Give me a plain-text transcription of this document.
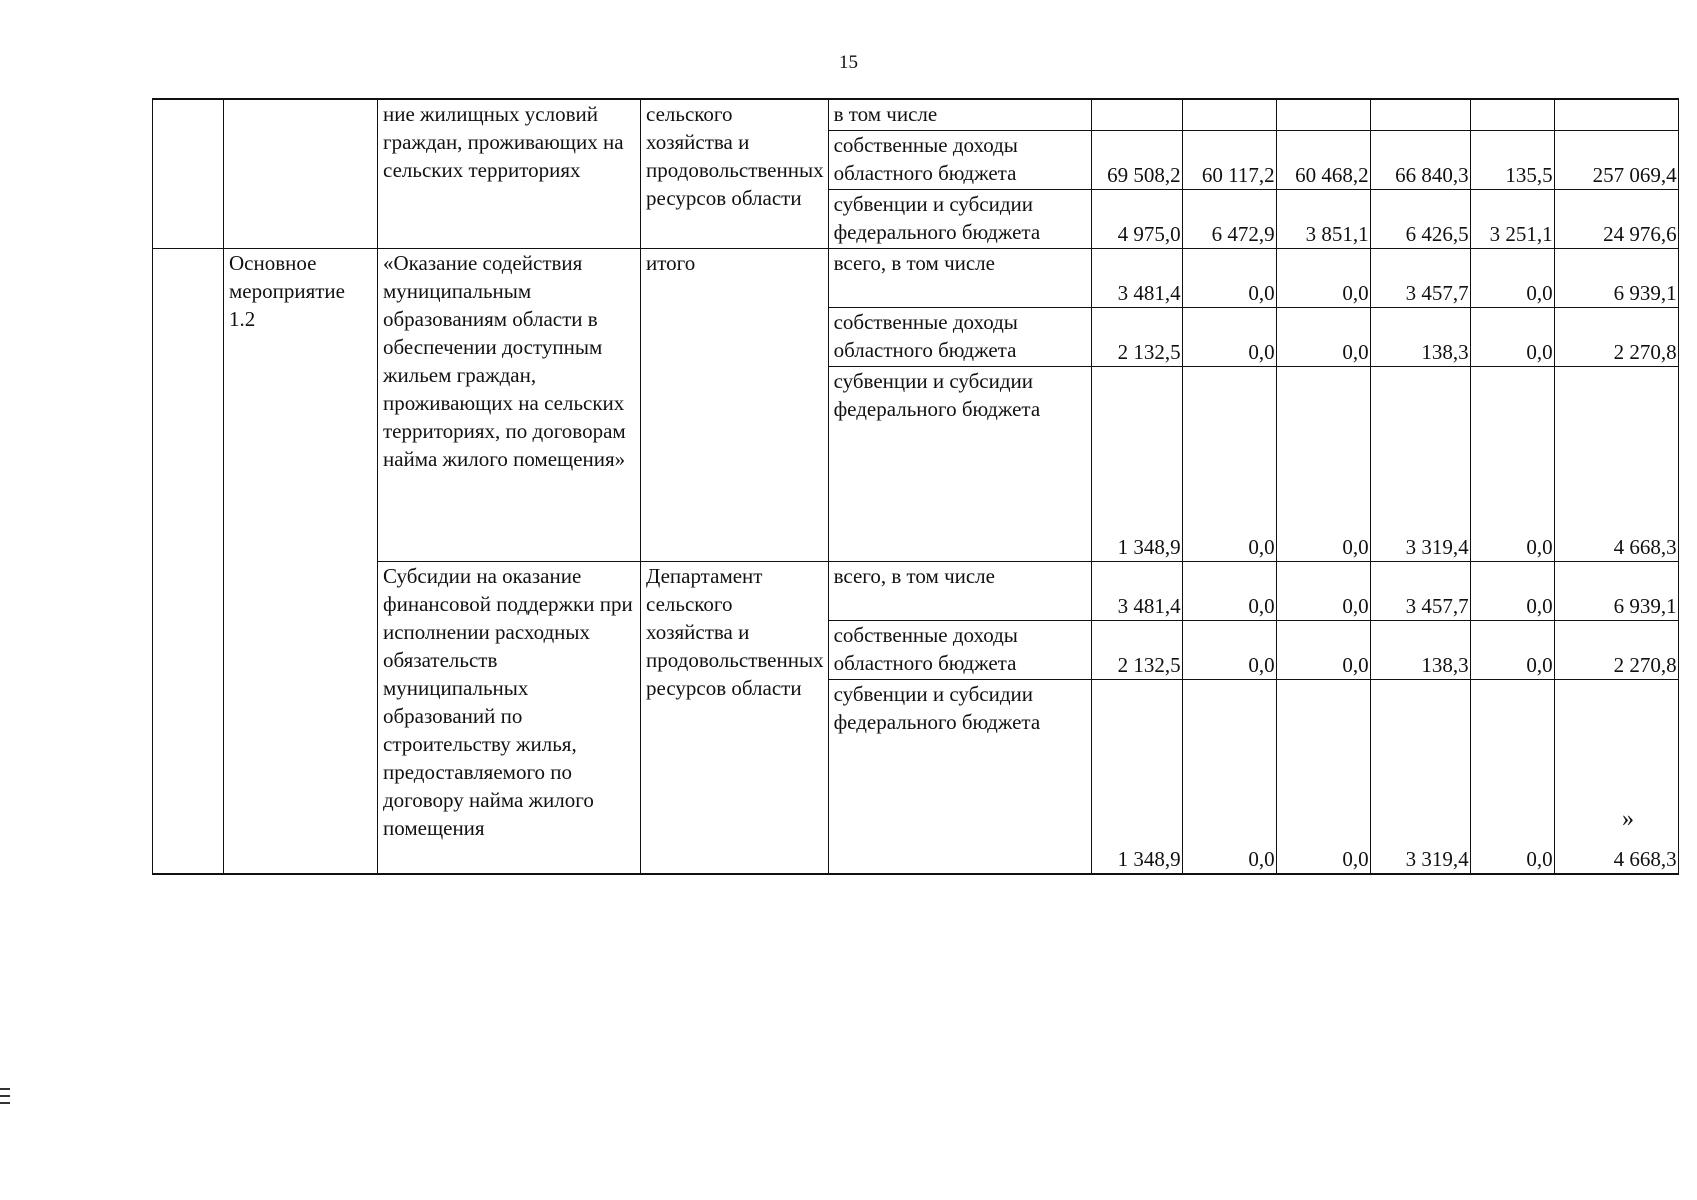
15
		ние жилищных условий граждан, проживающих на сельских территориях	сельского хозяйства и продовольственных ресурсов области	в том числе						
				собственные доходы областного бюджета	69 508,2	60 117,2	60 468,2	66 840,3	135,5	257 069,4
				субвенции и субсидии федерального бюджета	4 975,0	6 472,9	3 851,1	6 426,5	3 251,1	24 976,6
	Основное мероприятие 1.2	«Оказание содействия муниципальным образованиям области в обеспечении доступным жильем граждан, проживающих на сельских территориях, по договорам найма жилого помещения»	итого	всего, в том числе	3 481,4	0,0	0,0	3 457,7	0,0	6 939,1
				собственные доходы областного бюджета	2 132,5	0,0	0,0	138,3	0,0	2 270,8
				субвенции и субсидии федерального бюджета	1 348,9	0,0	0,0	3 319,4	0,0	4 668,3
		Субсидии на оказание финансовой поддержки при исполнении расходных обязательств муниципальных образований по строительству жилья, предоставляемого по договору найма жилого помещения	Департамент сельского хозяйства и продовольственных ресурсов области	всего, в том числе	3 481,4	0,0	0,0	3 457,7	0,0	6 939,1
				собственные доходы областного бюджета	2 132,5	0,0	0,0	138,3	0,0	2 270,8
				субвенции и субсидии федерального бюджета	1 348,9	0,0	0,0	3 319,4	0,0	4 668,3
»
